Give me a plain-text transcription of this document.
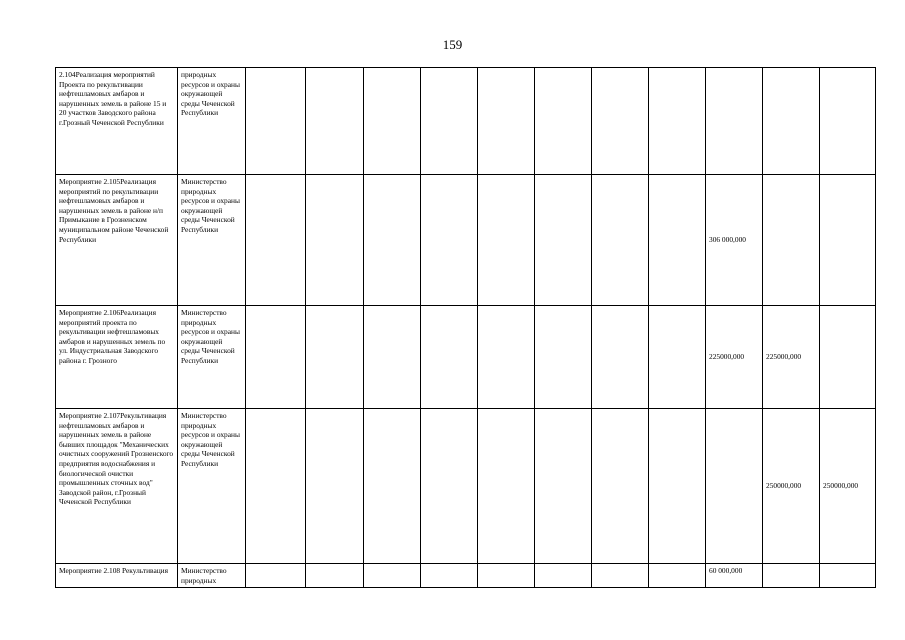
159
2.104Реализация мероприятий Проекта по рекультивации нефтешламовых амбаров и нарушенных земель в районе 15 и 20 участков Заводского района г.Грозный Чеченской Республики	природных ресурсов и охраны окружающей среды Чеченской Республики											
Мероприятие 2.105Реализация мероприятий по рекультивации нефтешламовых амбаров и нарушенных земель в районе н/п Примыкание в Грозненском муниципальном районе Чеченской Республики	Министерство природных ресурсов и охраны окружающей среды Чеченской Республики									306 000,000		
Мероприятие 2.106Реализация мероприятий проекта по рекультивации нефтешламовых амбаров и нарушенных земель по ул. Индустриальная Заводского района г. Грозного	Министерство природных ресурсов и охраны окружающей среды Чеченской Республики									225000,000	225000,000	
Мероприятие 2.107Рекультивация нефтешламовых амбаров и нарушенных земель в районе бывших площадок "Механических очистных сооружений Грозненского предприятия водоснабжения и биологической очистки промышленных сточных вод" Заводской район, г.Грозный Чеченской Республики	Министерство природных ресурсов и охраны окружающей среды Чеченской Республики										250000,000	250000,000
Мероприятие 2.108 Рекультивация	Министерство природных									60 000,000		
